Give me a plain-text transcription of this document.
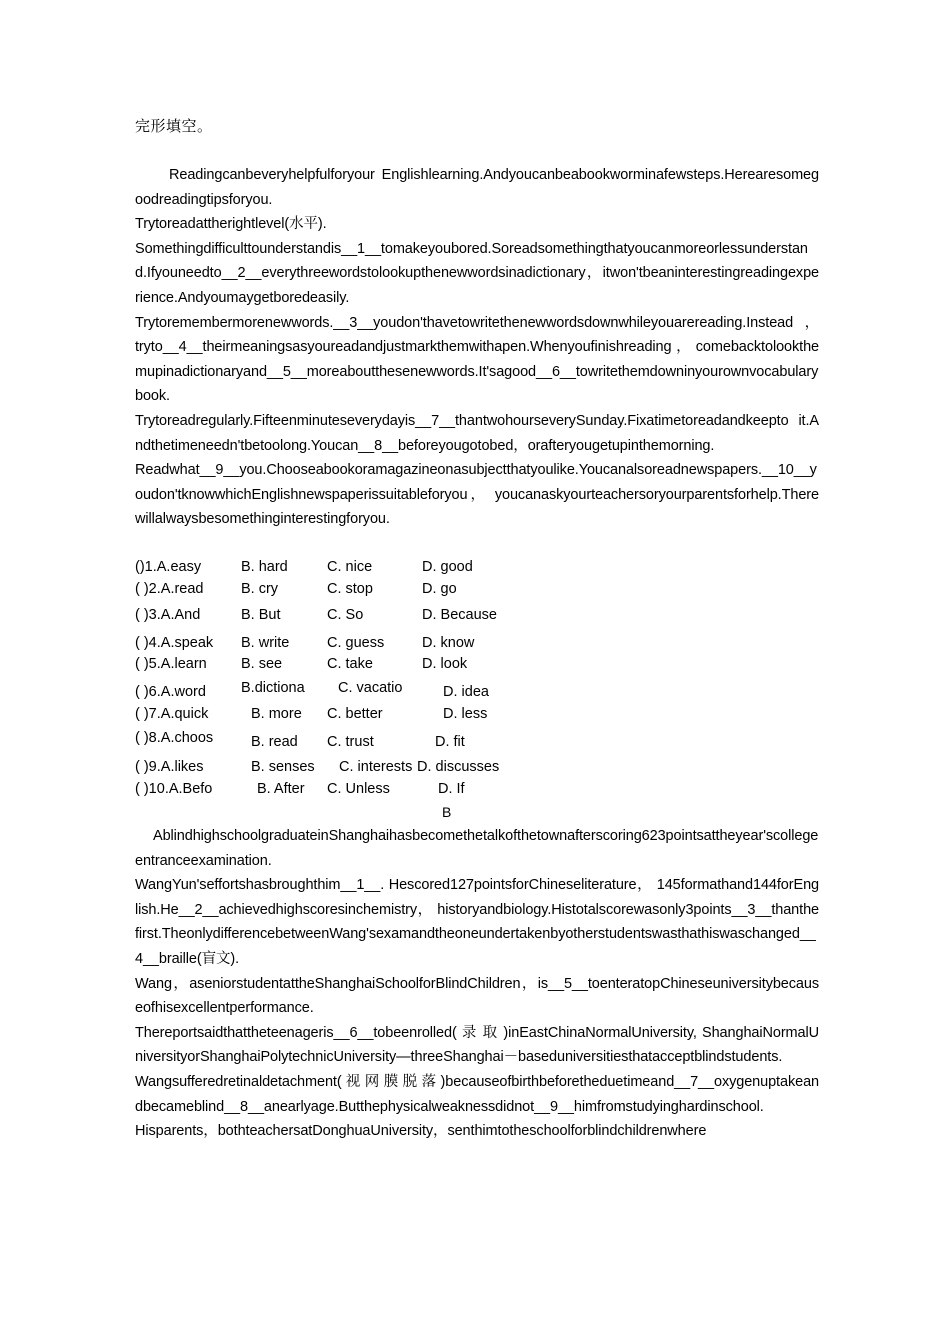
完形填空。

Readingcanbeveryhelpfulforyour Englishlearning.Andyoucanbeabookworminafewsteps.Herearesomegoodreadingtipsforyou.

Trytoreadattherightlevel(水平).

Somethingdifficulttounderstandis__1__tomakeyoubored.Soreadsomethingthatyoucanmoreorlessunderstand.Ifyouneedto__2__everythreewordstolookupthenewwordsinadictionary，itwon'tbeaninterestingreadingexperience.Andyoumaygetboredeasily.

Trytoremembermorenewwords.__3__youdon'thavetowritethenewwordsdownwhileyouarereading.Instead ， tryto__4__theirmeaningsasyoureadandjustmarkthemwithapen.Whenyoufinishreading ， comebacktolookthemupinadictionaryand__5__moreaboutthesenewwords.It'sagood__6__towritethemdowninyourownvocabularybook.

Trytoreadregularly.Fifteenminuteseverydayis__7__thantwohourseverySunday.Fixatimetoreadandkeepto it.Andthetimeneedn'tbetoolong.Youcan__8__beforeyougotobed，orafteryougetupinthemorning.

Readwhat__9__you.Chooseabookoramagazineonasubjectthatyoulike.Youcanalsoreadnewspapers.__10__youdon'tknowwhichEnglishnewspaperissuitableforyou， youcanaskyourteachersoryourparentsforhelp.Therewillalwaysbesomethinginterestingforyou.

()1.A.easy	B. hard	C. nice	D. good
( )2.A.read	B. cry	C. stop	D. go
( )3.A.And	B. But	C. So	D. Because
( )4.A.speak B. write	C. guess	D. know
( )5.A.learn B. see	C. take	D. look
( )6.A.word B.dictiona C. vacatio	D. idea
( )7.A.quick	B. more C. better	D. less
( )8.A.choos	B. read C. trust	D. fit
( )9.A.likes	B. senses C. interests D. discusses
( )10.A.Befo	B. After C. Unless	D. If
B

AblindhighschoolgraduateinShanghaihasbecomethetalkofthetownafterscoring623pointsattheyear'scollegeentranceexamination.

WangYun'seffortshasbroughthim__1__. Hescored127pointsforChineseliterature， 145formathand144forEnglish.He__2__achievedhighscoresinchemistry， historyandbiology.Histotalscorewasonly3points__3__thanthefirst.TheonlydifferencebetweenWang'sexamandtheoneundertakenbyotherstudentswasthathiswaschanged__4__braille(盲文).

Wang，aseniorstudentattheShanghaiSchoolforBlindChildren，is__5__toenteratopChineseuniversitybecauseofhisexcellentperformance.

Thereportsaidthattheteenageris__6__tobeenrolled( 录 取 )inEastChinaNormalUniversity, ShanghaiNormalUniversityorShanghaiPolytechnicUniversity—threeShanghai－baseduniversitiesthatacceptblindstudents.

Wangsufferedretinaldetachment( 视 网 膜 脱 落 )becauseofbirthbeforetheduetimeand__7__oxygenuptakeandbecameblind__8__anearlyage.Butthephysicalweaknessdidnot__9__himfromstudyinghardinschool.

Hisparents，bothteachersatDonghuaUniversity，senthimtotheschoolforblindchildrenwhere
